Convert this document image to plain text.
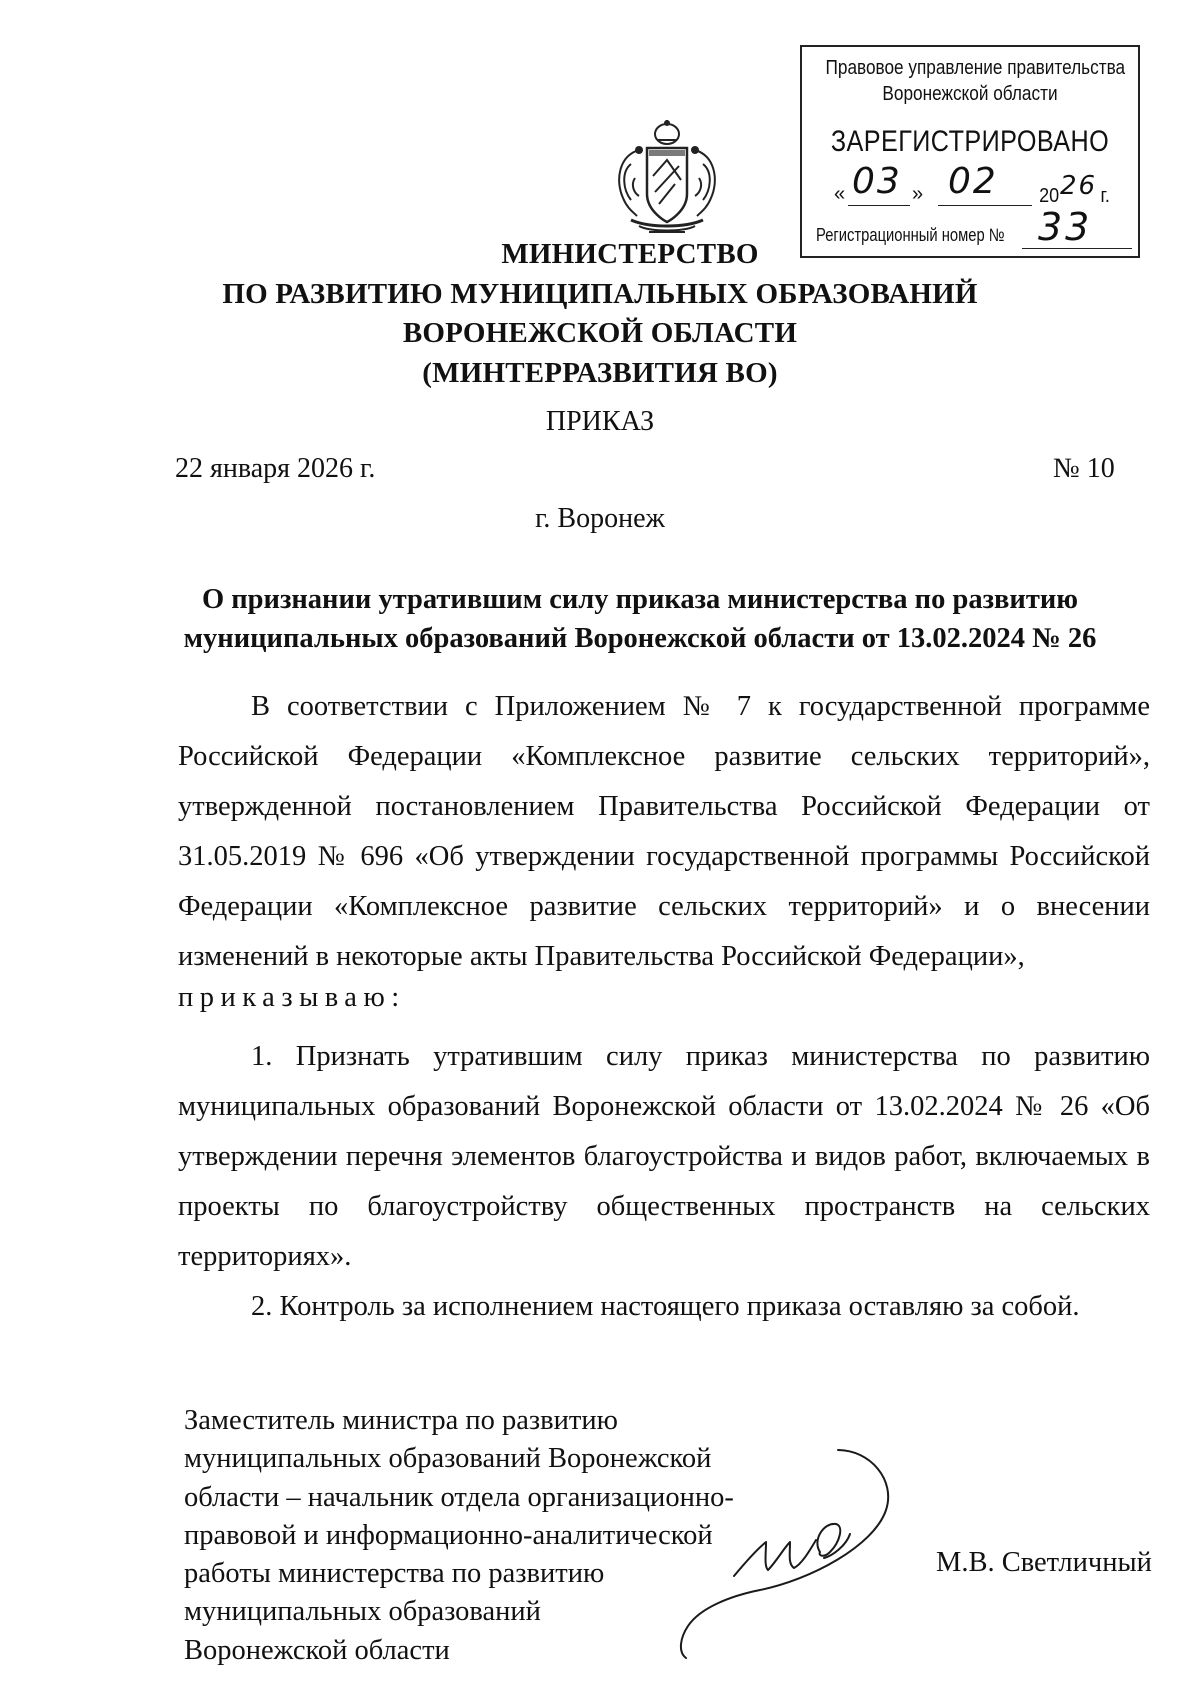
Правовое управление правительства
Воронежской области
ЗАРЕГИСТРИРОВАНО
« 03 » 02 20 26 г.
Регистрационный номер № 33
МИНИСТЕРСТВО
ПО РАЗВИТИЮ МУНИЦИПАЛЬНЫХ ОБРАЗОВАНИЙ
ВОРОНЕЖСКОЙ ОБЛАСТИ
(МИНТЕРРАЗВИТИЯ ВО)
ПРИКАЗ
22 января 2026 г.	№ 10
г. Воронеж
О признании утратившим силу приказа министерства по развитию
муниципальных образований Воронежской области от 13.02.2024 № 26
В соответствии с Приложением № 7 к государственной программе Российской Федерации «Комплексное развитие сельских территорий», утвержденной постановлением Правительства Российской Федерации от 31.05.2019 № 696 «Об утверждении государственной программы Российской Федерации «Комплексное развитие сельских территорий» и о внесении изменений в некоторые акты Правительства Российской Федерации»,
приказываю:
1. Признать утратившим силу приказ министерства по развитию муниципальных образований Воронежской области от 13.02.2024 № 26 «Об утверждении перечня элементов благоустройства и видов работ, включаемых в проекты по благоустройству общественных пространств на сельских территориях».
2. Контроль за исполнением настоящего приказа оставляю за собой.
Заместитель министра по развитию
муниципальных образований Воронежской
области – начальник отдела организационно-
правовой и информационно-аналитической
работы министерства по развитию
муниципальных образований
Воронежской области
М.В. Светличный
